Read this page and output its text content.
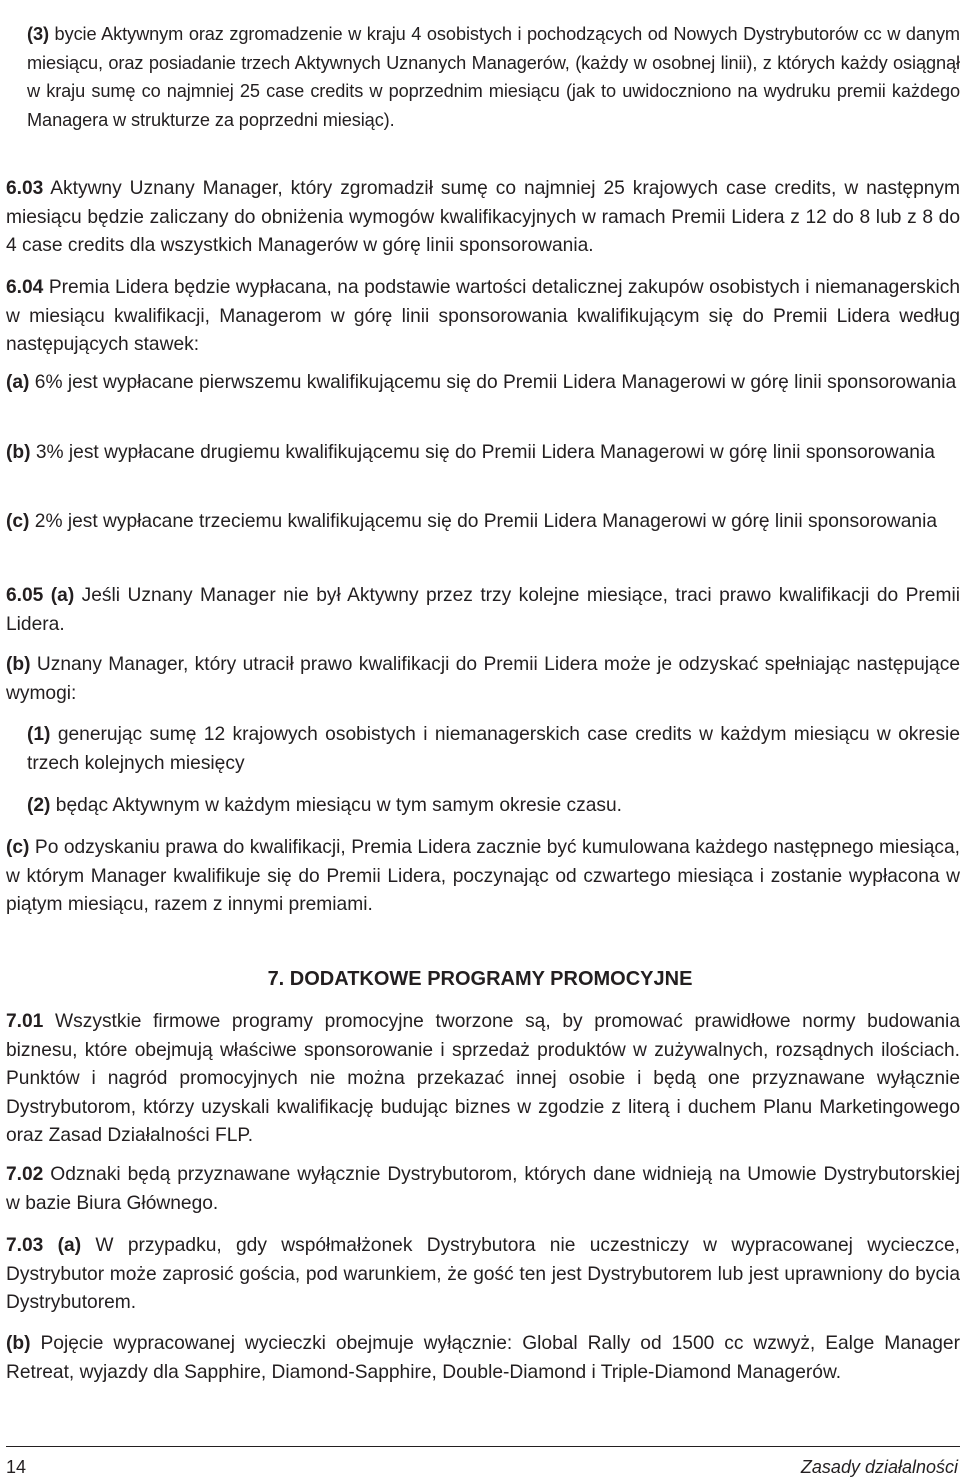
(3) bycie Aktywnym oraz zgromadzenie w kraju 4 osobistych i pochodzących od Nowych Dystrybutorów cc w danym miesiącu, oraz posiadanie trzech Aktywnych Uznanych Managerów, (każdy w osobnej linii), z których każdy osiągnął w kraju sumę co najmniej 25 case credits w poprzednim miesiącu (jak to uwidoczniono na wydruku premii każdego Managera w strukturze za poprzedni miesiąc).

6.03 Aktywny Uznany Manager, który zgromadził sumę co najmniej 25 krajowych case credits, w następnym miesiącu będzie zaliczany do obniżenia wymogów kwalifikacyjnych w ramach Premii Lidera z 12 do 8 lub z 8 do 4 case credits dla wszystkich Managerów w górę linii sponsorowania.

6.04 Premia Lidera będzie wypłacana, na podstawie wartości detalicznej zakupów osobistych i niemanagerskich w miesiącu kwalifikacji, Managerom w górę linii sponsorowania kwalifikującym się do Premii Lidera według następujących stawek:

(a) 6% jest wypłacane pierwszemu kwalifikującemu się do Premii Lidera Managerowi w górę linii sponsorowania

(b) 3% jest wypłacane drugiemu kwalifikującemu się do Premii Lidera Managerowi w górę linii sponsorowania

(c) 2% jest wypłacane trzeciemu kwalifikującemu się do Premii Lidera Managerowi w górę linii sponsorowania

6.05 (a) Jeśli Uznany Manager nie był Aktywny przez trzy kolejne miesiące, traci prawo kwalifikacji do Premii Lidera.

(b) Uznany Manager, który utracił prawo kwalifikacji do Premii Lidera może je odzyskać spełniając następujące wymogi:

(1) generując sumę 12 krajowych osobistych i niemanagerskich case credits w każdym miesiącu w okresie trzech kolejnych miesięcy

(2) będąc Aktywnym w każdym miesiącu w tym samym okresie czasu.

(c) Po odzyskaniu prawa do kwalifikacji, Premia Lidera zacznie być kumulowana każdego następnego miesiąca, w którym Manager kwalifikuje się do Premii Lidera, poczynając od czwartego miesiąca i zostanie wypłacona w piątym miesiącu, razem z innymi premiami.

7. DODATKOWE PROGRAMY PROMOCYJNE

7.01 Wszystkie firmowe programy promocyjne tworzone są, by promować prawidłowe normy budowania biznesu, które obejmują właściwe sponsorowanie i sprzedaż produktów w zużywalnych, rozsądnych ilościach. Punktów i nagród promocyjnych nie można przekazać innej osobie i będą one przyznawane wyłącznie Dystrybutorom, którzy uzyskali kwalifikację budując biznes w zgodzie z literą i duchem Planu Marketingowego oraz Zasad Działalności FLP.

7.02 Odznaki będą przyznawane wyłącznie Dystrybutorom, których dane widnieją na Umowie Dystrybutorskiej w bazie Biura Głównego.

7.03 (a) W przypadku, gdy współmałżonek Dystrybutora nie uczestniczy w wypracowanej wycieczce, Dystrybutor może zaprosić gościa, pod warunkiem, że gość ten jest Dystrybutorem lub jest uprawniony do bycia Dystrybutorem.

(b) Pojęcie wypracowanej wycieczki obejmuje wyłącznie: Global Rally od 1500 cc wzwyż, Ealge Manager Retreat, wyjazdy dla Sapphire, Diamond-Sapphire, Double-Diamond i Triple-Diamond Managerów.

14	Zasady działalności
